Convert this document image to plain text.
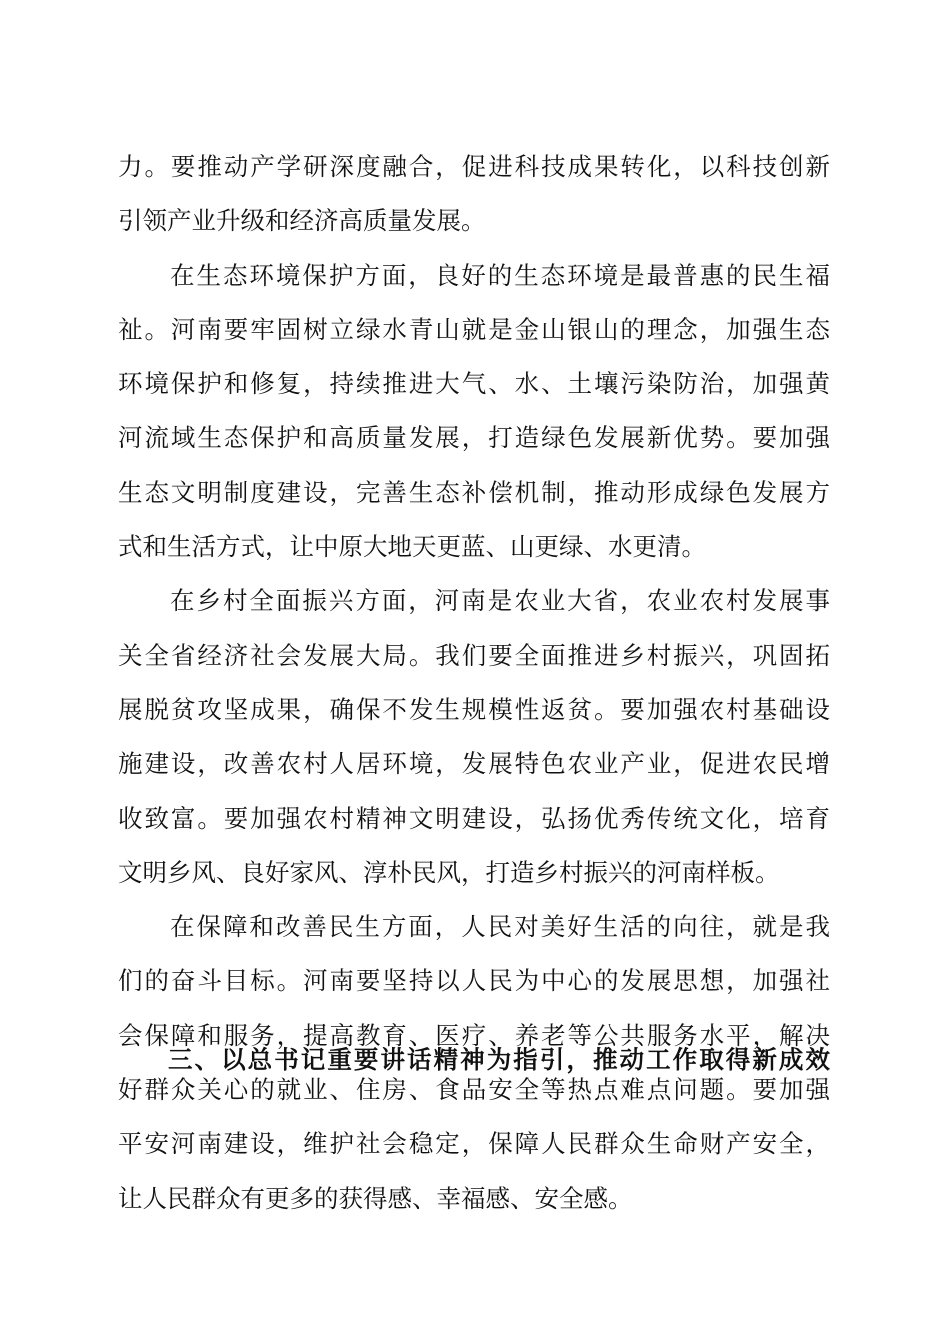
力。要推动产学研深度融合，促进科技成果转化，以科技创新
引领产业升级和经济高质量发展。
在生态环境保护方面，良好的生态环境是最普惠的民生福
祉。河南要牢固树立绿水青山就是金山银山的理念，加强生态
环境保护和修复，持续推进大气、水、土壤污染防治，加强黄
河流域生态保护和高质量发展，打造绿色发展新优势。要加强
生态文明制度建设，完善生态补偿机制，推动形成绿色发展方
式和生活方式，让中原大地天更蓝、山更绿、水更清。
在乡村全面振兴方面，河南是农业大省，农业农村发展事
关全省经济社会发展大局。我们要全面推进乡村振兴，巩固拓
展脱贫攻坚成果，确保不发生规模性返贫。要加强农村基础设
施建设，改善农村人居环境，发展特色农业产业，促进农民增
收致富。要加强农村精神文明建设，弘扬优秀传统文化，培育
文明乡风、良好家风、淳朴民风，打造乡村振兴的河南样板。
在保障和改善民生方面，人民对美好生活的向往，就是我
们的奋斗目标。河南要坚持以人民为中心的发展思想，加强社
会保障和服务，提高教育、医疗、养老等公共服务水平，解决
好群众关心的就业、住房、食品安全等热点难点问题。要加强
平安河南建设，维护社会稳定，保障人民群众生命财产安全，
让人民群众有更多的获得感、幸福感、安全感。
三、以总书记重要讲话精神为指引，推动工作取得新成效
